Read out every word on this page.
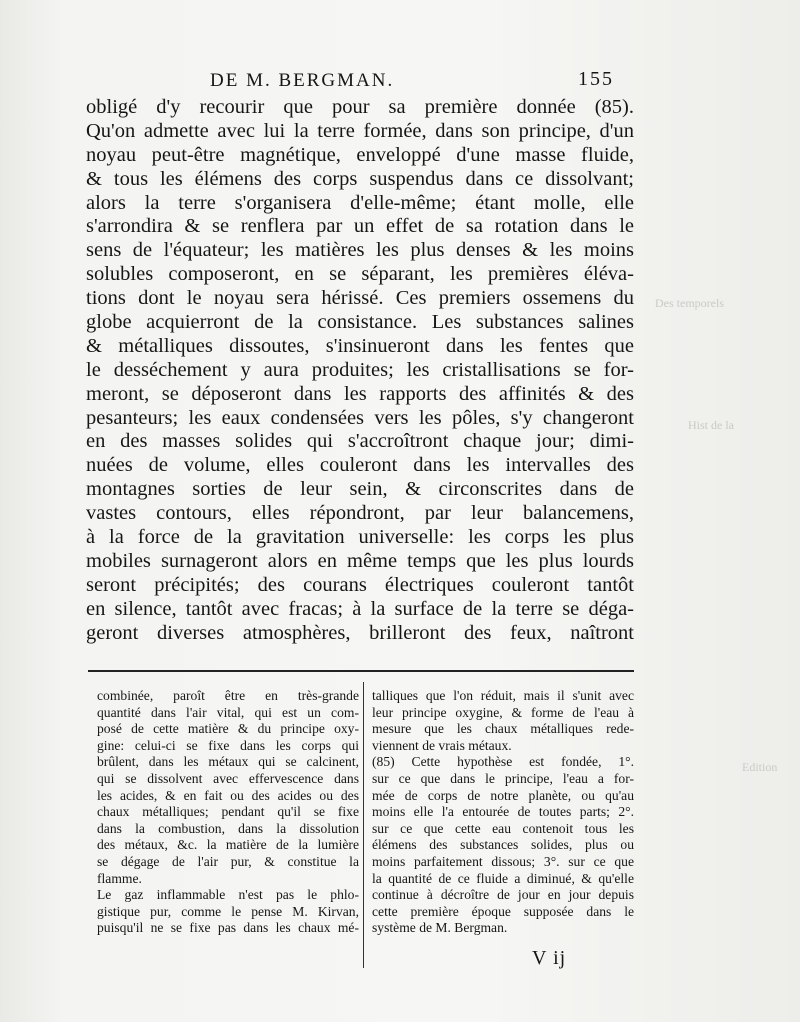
Des temporels
Hist de la
Edition
DE M. BERGMAN.	155
obligé d'y recourir que pour sa première donnée (85).
Qu'on admette avec lui la terre formée, dans son principe, d'un
noyau peut-être magnétique, enveloppé d'une masse fluide,
& tous les élémens des corps suspendus dans ce dissolvant;
alors la terre s'organisera d'elle-même; étant molle, elle
s'arrondira & se renflera par un effet de sa rotation dans le
sens de l'équateur; les matières les plus denses & les moins
solubles composeront, en se séparant, les premières éléva-
tions dont le noyau sera hérissé. Ces premiers ossemens du
globe acquierront de la consistance. Les substances salines
& métalliques dissoutes, s'insinueront dans les fentes que
le desséchement y aura produites; les cristallisations se for-
meront, se déposeront dans les rapports des affinités & des
pesanteurs; les eaux condensées vers les pôles, s'y changeront
en des masses solides qui s'accroîtront chaque jour; dimi-
nuées de volume, elles couleront dans les intervalles des
montagnes sorties de leur sein, & circonscrites dans de
vastes contours, elles répondront, par leur balancemens,
à la force de la gravitation universelle: les corps les plus
mobiles surnageront alors en même temps que les plus lourds
seront précipités; des courans électriques couleront tantôt
en silence, tantôt avec fracas; à la surface de la terre se déga-
geront diverses atmosphères, brilleront des feux, naîtront
combinée, paroît être en très-grande
quantité dans l'air vital, qui est un com-
posé de cette matière & du principe oxy-
gine: celui-ci se fixe dans les corps qui
brûlent, dans les métaux qui se calcinent,
qui se dissolvent avec effervescence dans
les acides, & en fait ou des acides ou des
chaux métalliques; pendant qu'il se fixe
dans la combustion, dans la dissolution
des métaux, &c. la matière de la lumière
se dégage de l'air pur, & constitue la
flamme.
Le gaz inflammable n'est pas le phlo-
gistique pur, comme le pense M. Kirvan,
puisqu'il ne se fixe pas dans les chaux mé-
talliques que l'on réduit, mais il s'unit avec
leur principe oxygine, & forme de l'eau à
mesure que les chaux métalliques rede-
viennent de vrais métaux.
(85) Cette hypothèse est fondée, 1°.
sur ce que dans le principe, l'eau a for-
mée de corps de notre planète, ou qu'au
moins elle l'a entourée de toutes parts; 2°.
sur ce que cette eau contenoit tous les
élémens des substances solides, plus ou
moins parfaitement dissous; 3°. sur ce que
la quantité de ce fluide a diminué, & qu'elle
continue à décroître de jour en jour depuis
cette première époque supposée dans le
système de M. Bergman.
V ij
